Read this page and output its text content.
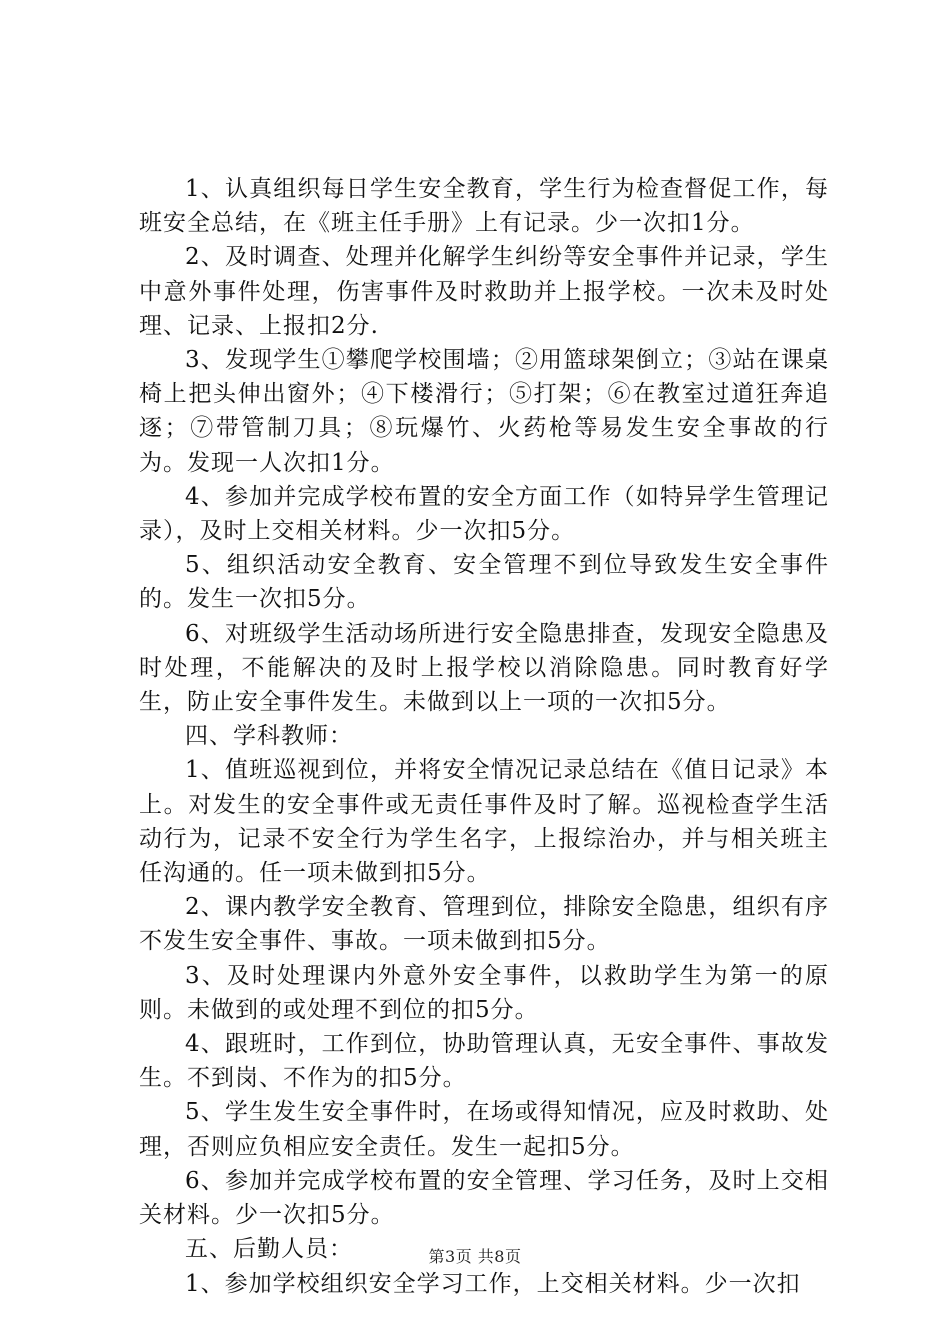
1、认真组织每日学生安全教育，学生行为检查督促工作，每班安全总结，在《班主任手册》上有记录。少一次扣1分。

2、及时调查、处理并化解学生纠纷等安全事件并记录，学生中意外事件处理，伤害事件及时救助并上报学校。一次未及时处理、记录、上报扣2分.

3、发现学生①攀爬学校围墙；②用篮球架倒立；③站在课桌椅上把头伸出窗外；④下楼滑行；⑤打架；⑥在教室过道狂奔追逐；⑦带管制刀具；⑧玩爆竹、火药枪等易发生安全事故的行为。发现一人次扣1分。

4、参加并完成学校布置的安全方面工作（如特异学生管理记录），及时上交相关材料。少一次扣5分。

5、组织活动安全教育、安全管理不到位导致发生安全事件的。发生一次扣5分。

6、对班级学生活动场所进行安全隐患排查，发现安全隐患及时处理，不能解决的及时上报学校以消除隐患。同时教育好学生，防止安全事件发生。未做到以上一项的一次扣5分。

四、学科教师：

1、值班巡视到位，并将安全情况记录总结在《值日记录》本上。对发生的安全事件或无责任事件及时了解。巡视检查学生活动行为，记录不安全行为学生名字，上报综治办，并与相关班主任沟通的。任一项未做到扣5分。

2、课内教学安全教育、管理到位，排除安全隐患，组织有序不发生安全事件、事故。一项未做到扣5分。

3、及时处理课内外意外安全事件，以救助学生为第一的原则。未做到的或处理不到位的扣5分。

4、跟班时，工作到位，协助管理认真，无安全事件、事故发生。不到岗、不作为的扣5分。

5、学生发生安全事件时，在场或得知情况，应及时救助、处理，否则应负相应安全责任。发生一起扣5分。

6、参加并完成学校布置的安全管理、学习任务，及时上交相关材料。少一次扣5分。

五、后勤人员：

1、参加学校组织安全学习工作，上交相关材料。少一次扣

第3页 共8页
